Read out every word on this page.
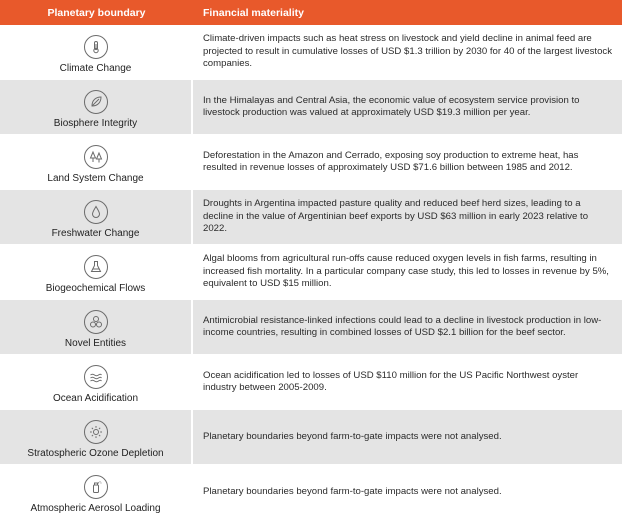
Planetary boundary	Financial materiality
Climate Change
Climate-driven impacts such as heat stress on livestock and yield decline in animal feed are projected to result in cumulative losses of USD $1.3 trillion by 2030 for 40 of the largest livestock companies.
Biosphere Integrity
In the Himalayas and Central Asia, the economic value of ecosystem service provision to livestock production was valued at approximately USD $19.3 million per year.
Land System Change
Deforestation in the Amazon and Cerrado, exposing soy production to extreme heat, has resulted in revenue losses of approximately USD $71.6 billion between 1985 and 2012.
Freshwater Change
Droughts in Argentina impacted pasture quality and reduced beef herd sizes, leading to a decline in the value of Argentinian beef exports by USD $63 million in early 2023 relative to 2022.
Biogeochemical Flows
Algal blooms from agricultural run-offs cause reduced oxygen levels in fish farms, resulting in increased fish mortality. In a particular company case study, this led to losses in revenue by 5%, equivalent to USD $15 million.
Novel Entities
Antimicrobial resistance-linked infections could lead to a decline in livestock production in low-income countries, resulting in combined losses of USD $2.1 billion for the beef sector.
Ocean Acidification
Ocean acidification led to losses of USD $110 million for the US Pacific Northwest oyster industry between 2005-2009.
Stratospheric Ozone Depletion
Planetary boundaries beyond farm-to-gate impacts were not analysed.
Atmospheric Aerosol Loading
Planetary boundaries beyond farm-to-gate impacts were not analysed.
